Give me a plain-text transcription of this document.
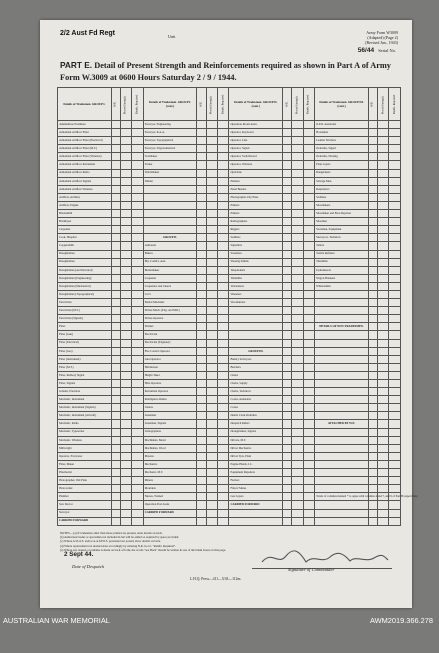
2/2 Aust Fd Regt	Unit
Army Form W3009
(Adapted) (Page 2)
(Revised Jan., 1943)
56/44 Serial No.
PART E. Detail of Present Strength and Reinforcements required as shown in Part A of Army Form W.3009 at 0600 Hours Saturday 2 / 9 / 1944.
Details of Tradesmen. GROUP I.	W.E.	Posted Strength.	Reinfs. Required.	Details of Tradesmen. GROUP I. (cont.)	W.E.	Posted Strength.	Reinfs. Required.	Details of Tradesmen. GROUP II. (cont.)	W.E.	Posted Strength.	Reinfs. Required.	Details of Tradesmen. GROUP III. (cont.)	W.E.	Posted Strength.	Reinfs. Required.
Ammunition Examiner				Surveyor, Engineering				Operation Room Assts.				O.P.O. Assistants			
Armament Artificer Fitter				Surveyor, R.A.A.				Operator, Keyboard				Horsemen			
Armament Artificer Fitter (Electrical)				Surveyor, Topographical				Operator, Line				Leather Stitchers			
Armament Artificer Fitter (M.T.)				Surveyor, Trigonometrical				Operator, Signal				Orderlies, Signal			
Armament Artificer Fitter (Wireless)				Toolmaker				Operator, Switchboard				Orderlies, Nursing			
Armament Artificer Instrument				Turner				Operator, Wireless				Plate Layers			
Armament Artificer Radio				Watchmaker				Opticians				Rangetakers			
Armament Artificer Signals				Welder				Painters				Salvage Men			
Armament Artificer Wireless								Panel Beaters				Respirators			
Artificer, Artillery								Photographer, Dry Plate				Saddlers			
Artificer, Engine								Printers				Shoemakers			
Blacksmith								Printers				Shoemaker and Boot Repairer			
Bricklayer								Radiographers				Shoemen			
Carpenter								Riggers				Storemen, Equipment			
Cook, Hospital				GROUP II.				Saddlers				Surveyors, Technical			
Coppersmith				Armourer				Signallers				Tailors			
Draughtsman				Bakers				Storemen				Textile Refiners			
Draughtsman				Bty. Comd's. Asst.				Shoeing Smiths				Tinsmiths			
Draughtsman (Architectural)				Boilermaker				Telephonists				Upholsterers			
Draughtsman (Engineering)				Carpenter				Tinsmiths				Wagon Breakers			
Draughtsman (Mechanical)				Carpenters and Joiners				Vulcanisers				Whitesmiths			
Draughtsman (Topographical)				Cor's				Wheelers							
Electrician				Dental Mechanic				Woodturners							
Electrician (M.T.)				Driver-Mech. (Eng. and Mtd.)											
Electrician (Signals)				Driver-Operator											
Fitter				Drainer								DETAILS OF NON-TRADESMEN.			
Fitter (Gun)				Electrician											
Fitter (Electrical)				Electrician (Engineer)											
Fitter (Gas)				Fire Control Operator				GROUP III.							
Fitter (Instrument)				Gun Operator				Battery Surveyors							
Fitter (M.T.)				Hairdresser				Butchers							
Fitter, Railway Signal				Height Taker				Clerks							
Fitter, Signals				Hole Operator				Clerks, Supply							
Grinder, Precision				Instrument Operator				Clerks, Technical							
Mechanic, Instrument				Intelligence Duties				Cooks, Assistants							
Mechanic, Instrument (Signals)				Joiners				Cooks							
Mechanic, Instrument (Aircraft)				Linesman				Dental Clerk Orderlies							
Mechanic, Radio				Linesman, Signals				Despatch Riders				ATTACHED BY W.E.			
Mechanic, Typewriter				Lithographers				Draughtsmen, Signals							
Mechanic, Wireless				Machinists, Metal				Drivers, M.T.							
Millwright				Machinists, Wood				Driver Mechanics							
Operator, Excavator				Masons				Driver Tpts, Plant							
Fitter, Maker				Mechanics				Engine Hands, I.C.							
Pharmacist				Mechanic, M.T.				Equipment Repairers							
Photographer, Wet Plate				Miners				Farriers							
Photowriter				Moulders				Fitters' Mates							
Plumber				Nurses, Trained				Gas Layers				Totals of columns marked * to agree with columns 4 and 7, and 9 of Part B respectively.			
Saw Doctor				Operation Post Asstn.				CARRIED FORWARD							
Surveyor				CARRIED FORWARD											
CARRIED FORWARD															
NOTES.—(a) If tradesmen other than those printed are present, enter details on back.
(b) Authorised trades or specialists not included in list will be added as required by space provided.
(c) Where A.W.A.S. and/or A.A.M.W.S. personnel are posted, show details on back.
(d) Where replacement not desired state accordingly by entering N.R. in col. "Reinfs. Required".
(e) Where any request or remarks is made on back of form, the words "see Back" should be written in one of the blank boxes on this page.
2 Sept 44.
Date of Despatch
Signature of Commander
L.H.Q. Press—411—5/43—112m.
AUSTRALIAN WAR MEMORIAL	AWM2019.366.278
